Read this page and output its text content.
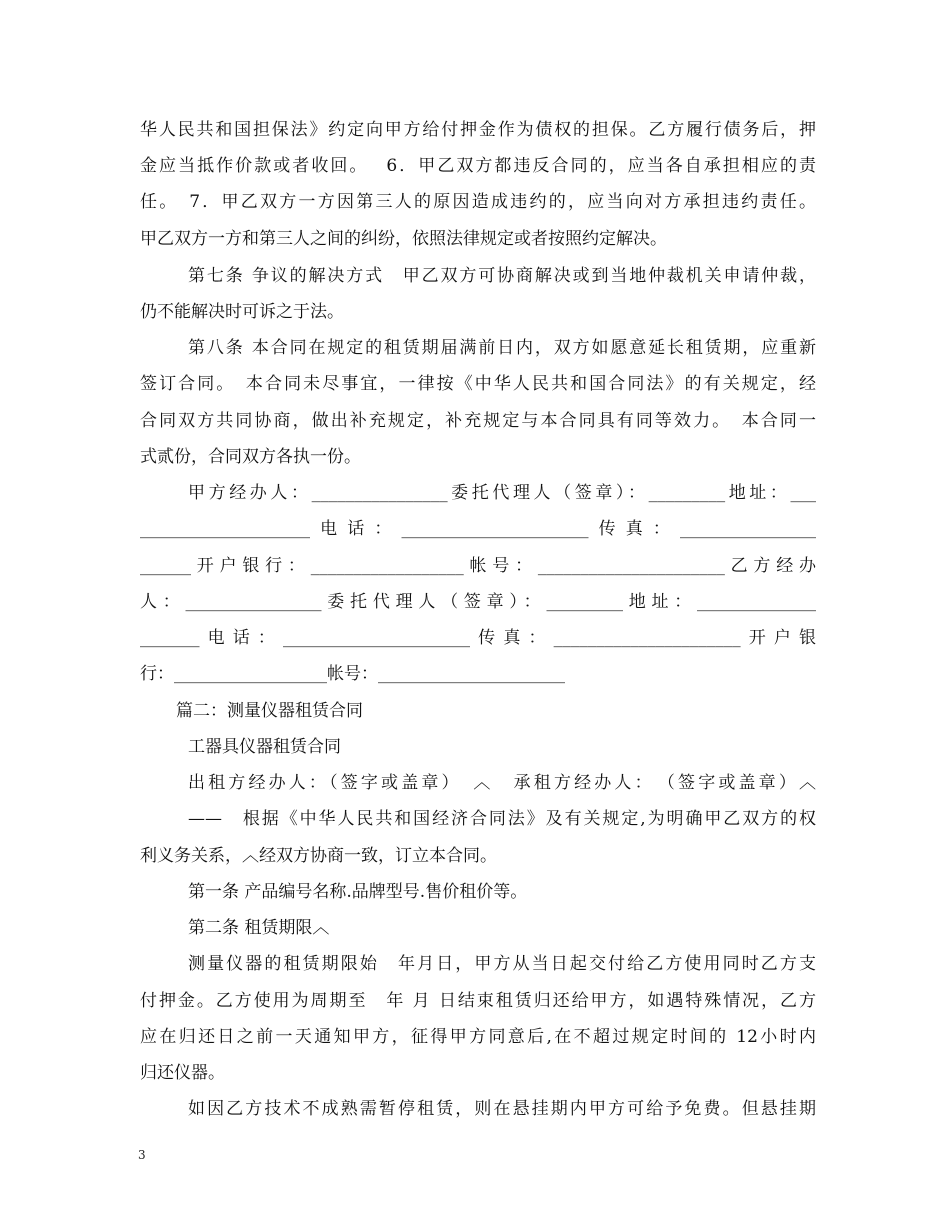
华人民共和国担保法》约定向甲方给付押金作为债权的担保。乙方履行债务后，押
金应当抵作价款或者收回。　 6．甲乙双方都违反合同的，应当各自承担相应的责
任。　7．甲乙双方一方因第三人的原因造成违约的，应当向对方承担违约责任。
甲乙双方一方和第三人之间的纠纷，依照法律规定或者按照约定解决。
第七条 争议的解决方式　甲乙双方可协商解决或到当地仲裁机关申请仲裁，
仍不能解决时可诉之于法。
第八条 本合同在规定的租赁期届满前日内，双方如愿意延长租赁期，应重新
签订合同。　本合同未尽事宜，一律按《中华人民共和国合同法》的有关规定，经
合同双方共同协商，做出补充规定，补充规定与本合同具有同等效力。　本合同一
式贰份，合同双方各执一份。
甲方经办人：________________委托代理人（签章）：_________地址：___
____________________电话：______________________传真：________________
______开户银行：__________________帐号：______________________乙方经办
人：________________委托代理人（签章）：_________地址：______________
_______电话：______________________传真：______________________开户银
行：__________________帐号：______________________
篇二：测量仪器租赁合同
工器具仪器租赁合同
出租方经办人：（签字或盖章）　︿　承租方经办人：　（签字或盖章）︿
——　根据《中华人民共和国经济合同法》及有关规定,为明确甲乙双方的权
利义务关系，︿经双方协商一致，订立本合同。
第一条 产品编号名称.品牌型号.售价租价等。
第二条 租赁期限︿
测量仪器的租赁期限始　年月日，甲方从当日起交付给乙方使用同时乙方支
付押金。乙方使用为周期至　年 月 日结束租赁归还给甲方，如遇特殊情况，乙方
应在归还日之前一天通知甲方，征得甲方同意后,在不超过规定时间的 12小时内
归还仪器。
如因乙方技术不成熟需暂停租赁，则在悬挂期内甲方可给予免费。但悬挂期
3
